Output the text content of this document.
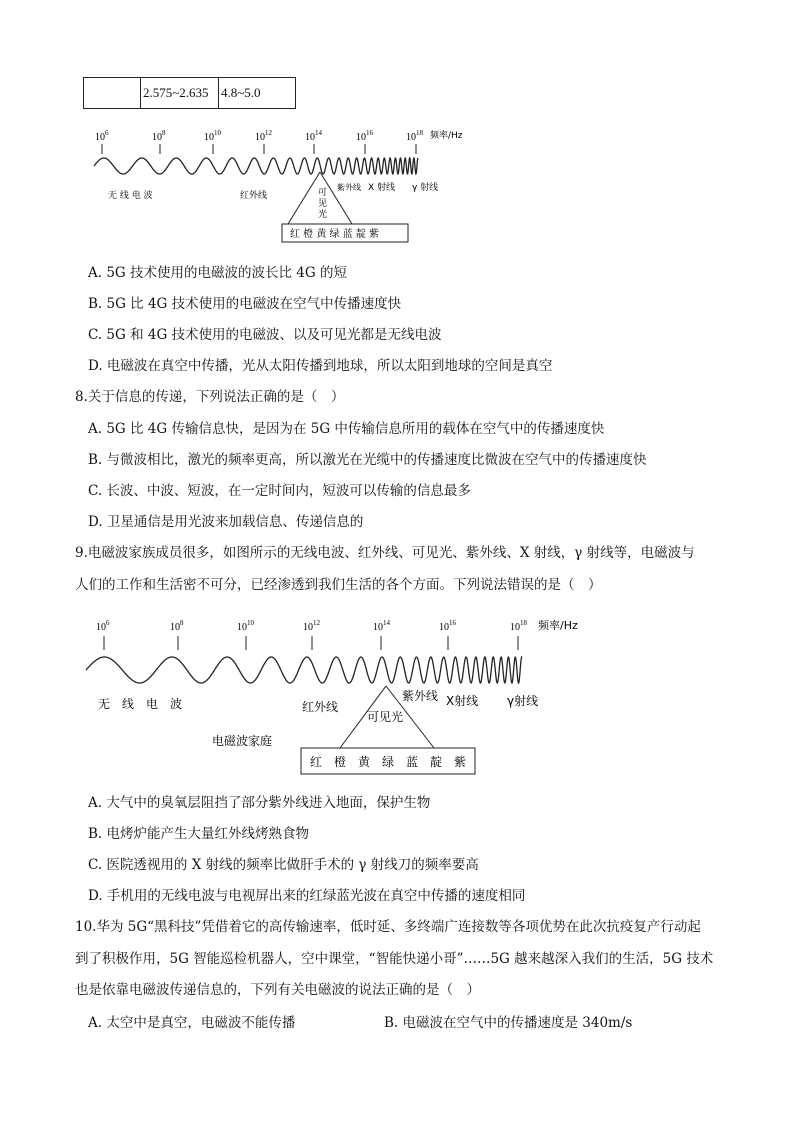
	2.575~2.635	4.8~5.0
$10^6$	$10^8$	$10^{10}$	$10^{12}$	$10^{14}$	$10^{16}$	$10^{18}$ 频率/Hz
无 线 电 波	红外线
紫外线 X 射线 γ 射线
可
见
光
红 橙 黄 绿 蓝 靛 紫
A. 5G 技术使用的电磁波的波长比 4G 的短
B. 5G 比 4G 技术使用的电磁波在空气中传播速度快
C. 5G 和 4G 技术使用的电磁波、以及可见光都是无线电波
D. 电磁波在真空中传播，光从太阳传播到地球，所以太阳到地球的空间是真空
8.关于信息的传递，下列说法正确的是（　）
A. 5G 比 4G 传输信息快，是因为在 5G 中传输信息所用的载体在空气中的传播速度快
B. 与微波相比，激光的频率更高，所以激光在光缆中的传播速度比微波在空气中的传播速度快
C. 长波、中波、短波，在一定时间内，短波可以传输的信息最多
D. 卫星通信是用光波来加载信息、传递信息的
9.电磁波家族成员很多，如图所示的无线电波、红外线、可见光、紫外线、X 射线，γ 射线等，电磁波与
人们的工作和生活密不可分，已经渗透到我们生活的各个方面。下列说法错误的是（　）
$10^6$	$10^8$	$10^{10}$	$10^{12}$	$10^{14}$	$10^{16}$	$10^{18}$ 频率/Hz
无　线　电　波	红外线
可见光
紫外线 X射线 γ射线
电磁波家庭
红　橙　黄　绿　蓝　靛　紫
A. 大气中的臭氧层阻挡了部分紫外线进入地面，保护生物
B. 电烤炉能产生大量红外线烤熟食物
C. 医院透视用的 X 射线的频率比做肝手术的 γ 射线刀的频率要高
D. 手机用的无线电波与电视屏出来的红绿蓝光波在真空中传播的速度相同
10.华为 5G“黑科技”凭借着它的高传输速率，低时延、多终端广连接数等各项优势在此次抗疫复产行动起
到了积极作用，5G 智能巡检机器人，空中课堂，“智能快递小哥”……5G 越来越深入我们的生活，5G 技术
也是依靠电磁波传递信息的，下列有关电磁波的说法正确的是（　）
A. 太空中是真空，电磁波不能传播	B. 电磁波在空气中的传播速度是 340m/s
